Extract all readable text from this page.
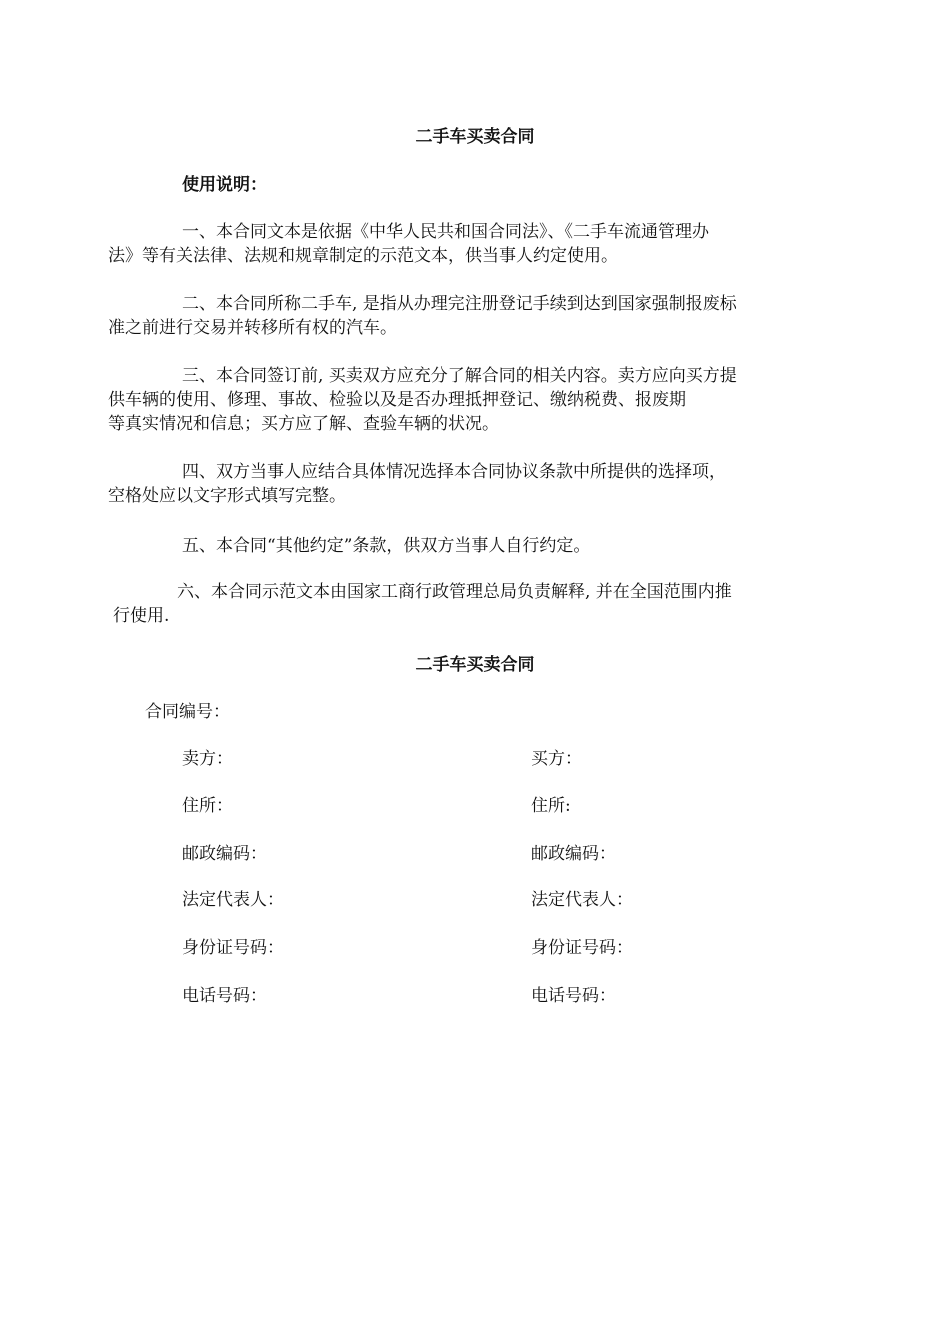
二手车买卖合同
使用说明：
一、本合同文本是依据《中华人民共和国合同法》、《二手车流通管理办
法》等有关法律、法规和规章制定的示范文本，供当事人约定使用。
二、本合同所称二手车, 是指从办理完注册登记手续到达到国家强制报废标
准之前进行交易并转移所有权的汽车。
三、本合同签订前, 买卖双方应充分了解合同的相关内容。卖方应向买方提
供车辆的使用、修理、事故、检验以及是否办理抵押登记、缴纳税费、报废期
等真实情况和信息；买方应了解、查验车辆的状况。
四、双方当事人应结合具体情况选择本合同协议条款中所提供的选择项，
空格处应以文字形式填写完整。
五、本合同“其他约定”条款，供双方当事人自行约定。
六、本合同示范文本由国家工商行政管理总局负责解释, 并在全国范围内推
行使用.
二手车买卖合同
合同编号：
卖方：
住所：
邮政编码：
法定代表人：
身份证号码：
电话号码：
买方：
住所:
邮政编码：
法定代表人：
身份证号码：
电话号码：
